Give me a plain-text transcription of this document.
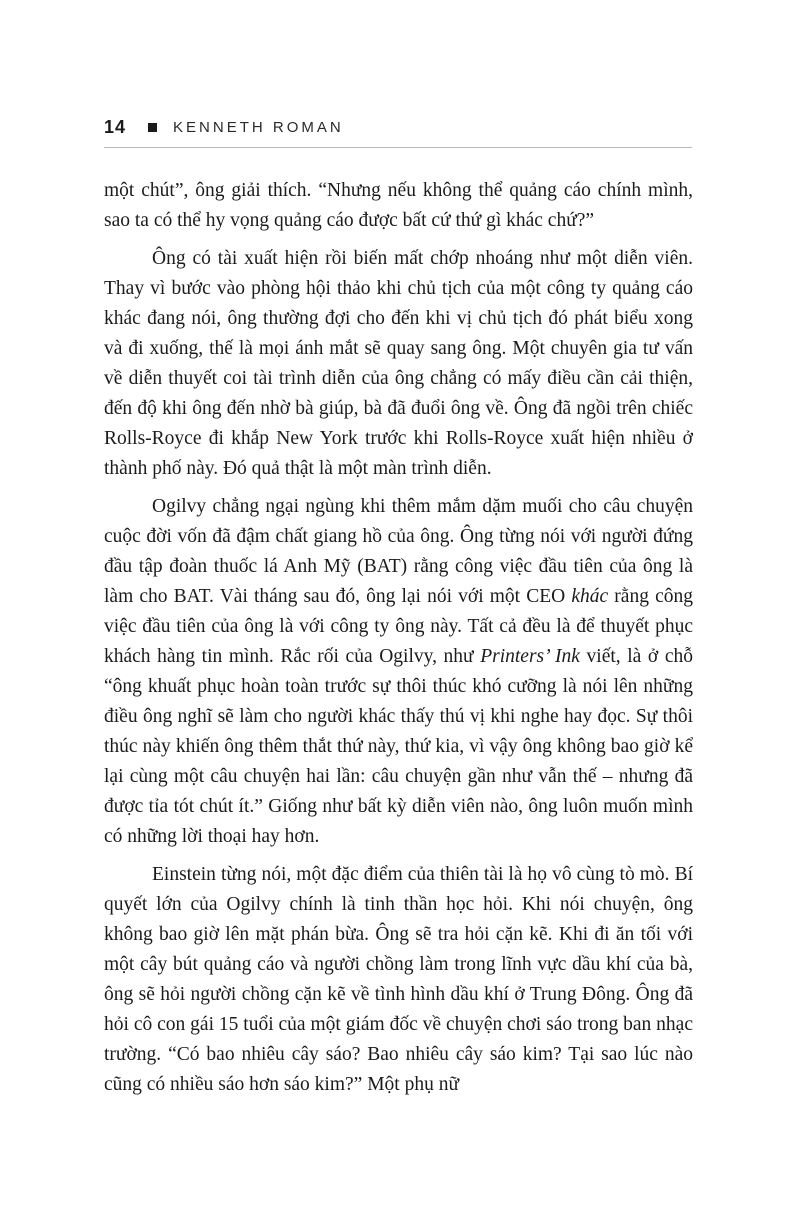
14	KENNETH ROMAN

một chút”, ông giải thích. “Nhưng nếu không thể quảng cáo chính mình, sao ta có thể hy vọng quảng cáo được bất cứ thứ gì khác chứ?”

Ông có tài xuất hiện rồi biến mất chớp nhoáng như một diễn viên. Thay vì bước vào phòng hội thảo khi chủ tịch của một công ty quảng cáo khác đang nói, ông thường đợi cho đến khi vị chủ tịch đó phát biểu xong và đi xuống, thế là mọi ánh mắt sẽ quay sang ông. Một chuyên gia tư vấn về diễn thuyết coi tài trình diễn của ông chẳng có mấy điều cần cải thiện, đến độ khi ông đến nhờ bà giúp, bà đã đuổi ông về. Ông đã ngồi trên chiếc Rolls-Royce đi khắp New York trước khi Rolls-Royce xuất hiện nhiều ở thành phố này. Đó quả thật là một màn trình diễn.

Ogilvy chẳng ngại ngùng khi thêm mắm dặm muối cho câu chuyện cuộc đời vốn đã đậm chất giang hồ của ông. Ông từng nói với người đứng đầu tập đoàn thuốc lá Anh Mỹ (BAT) rằng công việc đầu tiên của ông là làm cho BAT. Vài tháng sau đó, ông lại nói với một CEO khác rằng công việc đầu tiên của ông là với công ty ông này. Tất cả đều là để thuyết phục khách hàng tin mình. Rắc rối của Ogilvy, như Printers’ Ink viết, là ở chỗ “ông khuất phục hoàn toàn trước sự thôi thúc khó cưỡng là nói lên những điều ông nghĩ sẽ làm cho người khác thấy thú vị khi nghe hay đọc. Sự thôi thúc này khiến ông thêm thắt thứ này, thứ kia, vì vậy ông không bao giờ kể lại cùng một câu chuyện hai lần: câu chuyện gần như vẫn thế – nhưng đã được tỉa tót chút ít.” Giống như bất kỳ diễn viên nào, ông luôn muốn mình có những lời thoại hay hơn.

Einstein từng nói, một đặc điểm của thiên tài là họ vô cùng tò mò. Bí quyết lớn của Ogilvy chính là tinh thần học hỏi. Khi nói chuyện, ông không bao giờ lên mặt phán bừa. Ông sẽ tra hỏi cặn kẽ. Khi đi ăn tối với một cây bút quảng cáo và người chồng làm trong lĩnh vực dầu khí của bà, ông sẽ hỏi người chồng cặn kẽ về tình hình dầu khí ở Trung Đông. Ông đã hỏi cô con gái 15 tuổi của một giám đốc về chuyện chơi sáo trong ban nhạc trường. “Có bao nhiêu cây sáo? Bao nhiêu cây sáo kim? Tại sao lúc nào cũng có nhiều sáo hơn sáo kim?” Một phụ nữ
